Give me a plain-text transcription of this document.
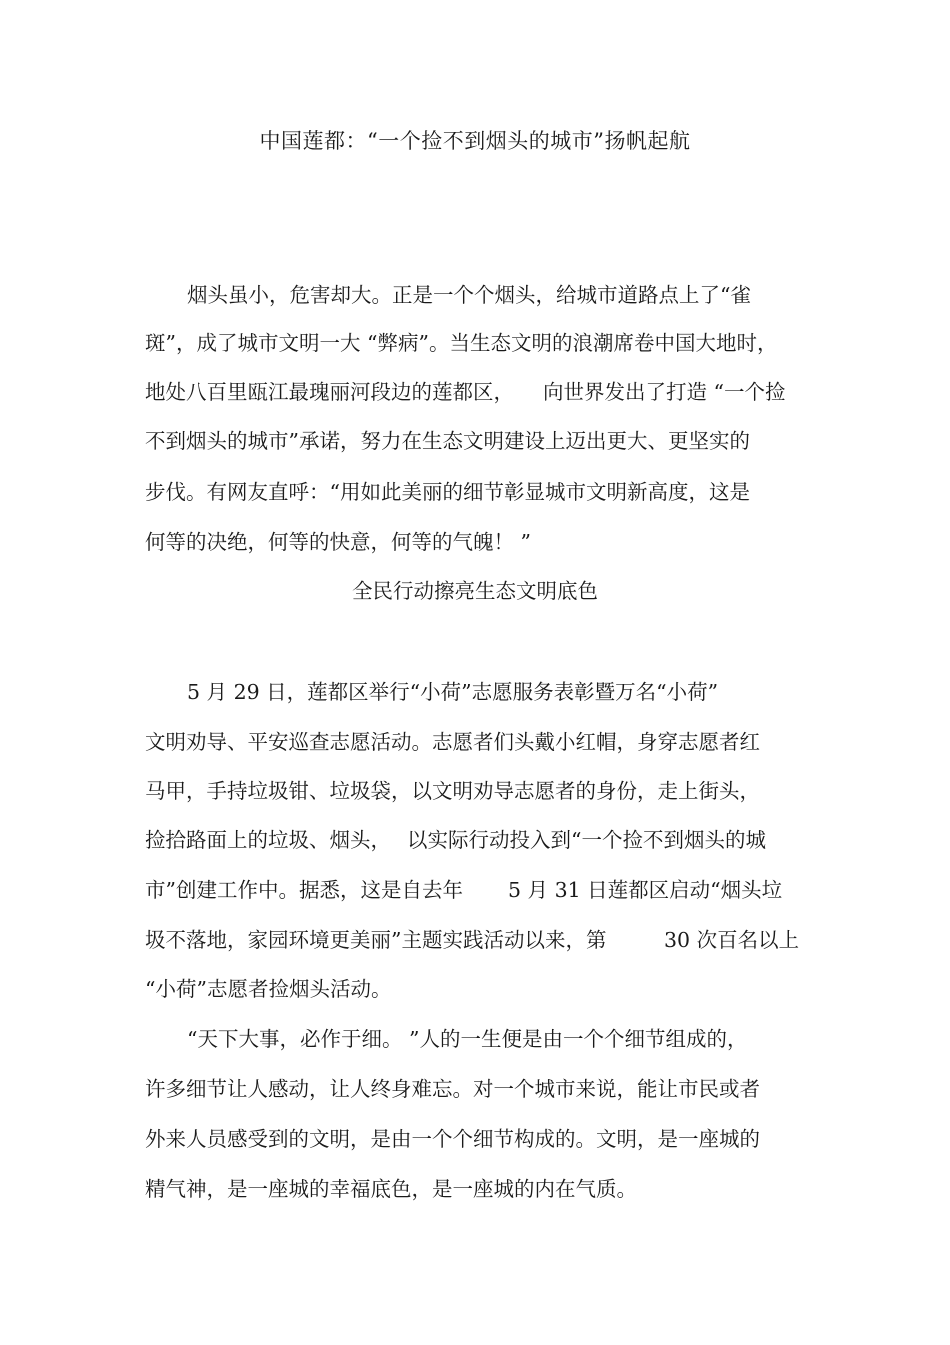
中国莲都：“一个捡不到烟头的城市”扬帆起航
烟头虽小，危害却大。正是一个个烟头，给城市道路点上了“雀
斑”，成了城市文明一大 “弊病”。当生态文明的浪潮席卷中国大地时，
地处八百里瓯江最瑰丽河段边的莲都区， 向世界发出了打造 “一个捡
不到烟头的城市”承诺，努力在生态文明建设上迈出更大、更坚实的
步伐。有网友直呼：“用如此美丽的细节彰显城市文明新高度，这是
何等的决绝，何等的快意，何等的气魄！ ”
全民行动擦亮生态文明底色
5 月 29 日，莲都区举行“小荷”志愿服务表彰暨万名“小荷”
文明劝导、平安巡查志愿活动。志愿者们头戴小红帽，身穿志愿者红
马甲，手持垃圾钳、垃圾袋，以文明劝导志愿者的身份，走上街头，
捡拾路面上的垃圾、烟头， 以实际行动投入到“一个捡不到烟头的城
市”创建工作中。据悉，这是自去年 5 月 31 日莲都区启动“烟头垃
圾不落地，家园环境更美丽”主题实践活动以来，第	30 次百名以上
“小荷”志愿者捡烟头活动。
“天下大事，必作于细。 ”人的一生便是由一个个细节组成的，
许多细节让人感动，让人终身难忘。对一个城市来说，能让市民或者
外来人员感受到的文明，是由一个个细节构成的。文明，是一座城的
精气神，是一座城的幸福底色，是一座城的内在气质。
